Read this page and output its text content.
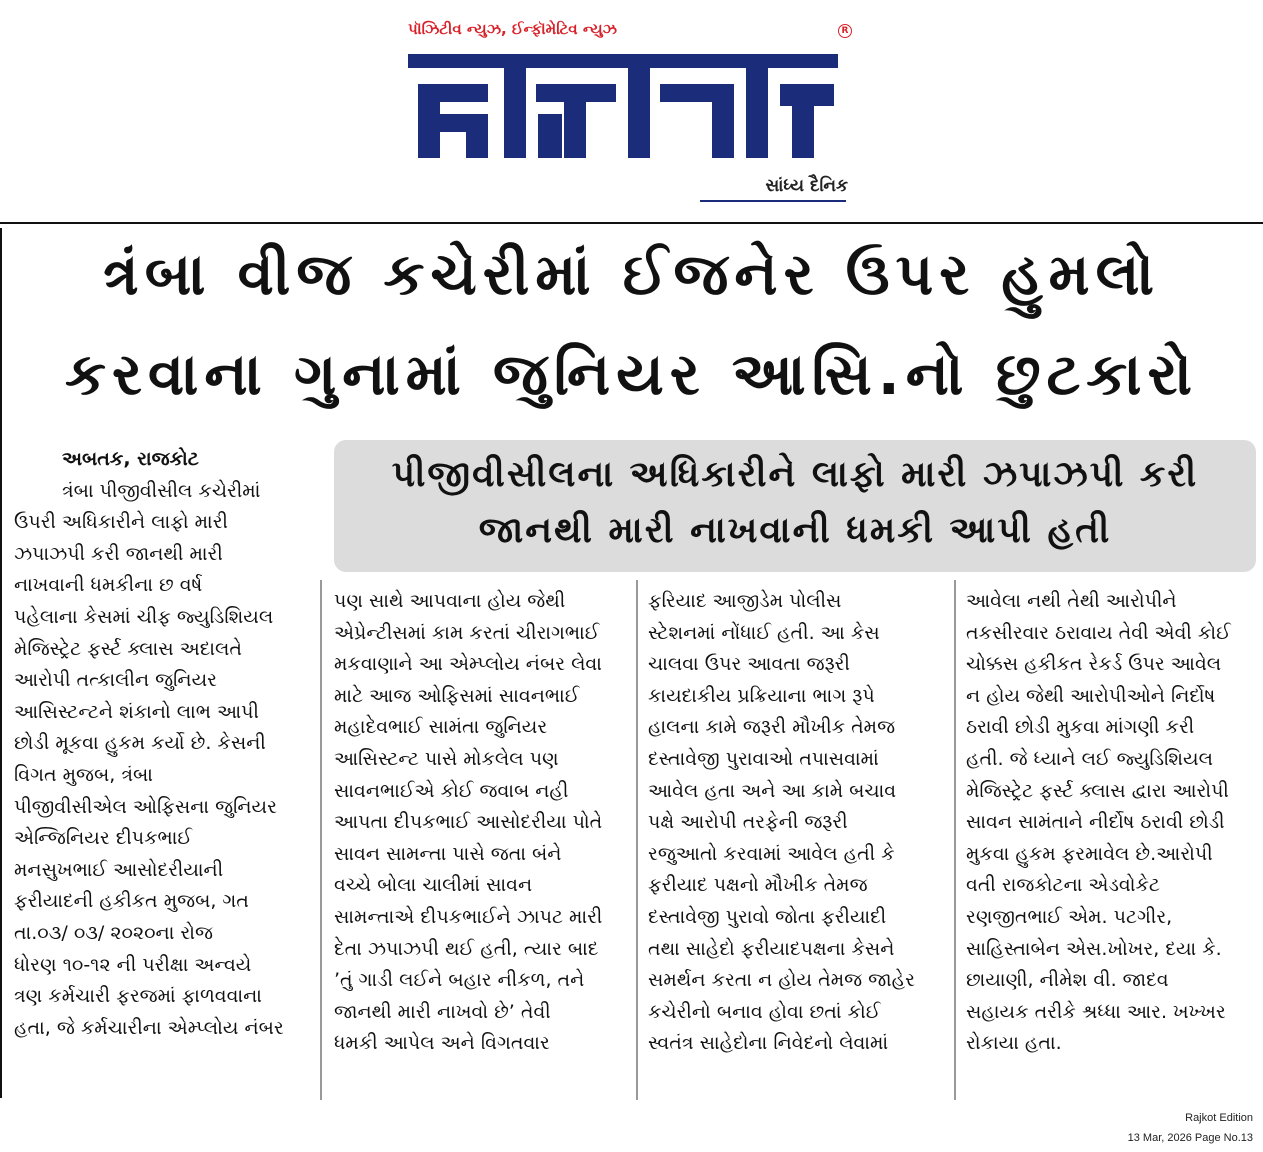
પૉઝિટીવ ન્યુઝ, ઈન્ફૉમેટિવ ન્યુઝ	R
સાંધ્ય દૈનિક
ત્રંબા વીજ કચેરીમાં ઈજનેર ઉપર હુમલો
કરવાના ગુનામાં જુનિયર આસિ.નો છુટકારો
પીજીવીસીલના અધિકારીને લાફો મારી ઝપાઝપી કરી
જાનથી મારી નાખવાની ધમકી આપી હતી
અબતક, રાજકોટ
ત્રંબા પીજીવીસીલ કચેરીમાં
ઉપરી અધિકારીને લાફો મારી
ઝપાઝપી કરી જાનથી મારી
નાખવાની ધમકીના છ વર્ષ
પહેલાના કેસમાં ચીફ જ્યુડિશિયલ
મેજિસ્ટ્રેટ ફર્સ્ટ ક્લાસ અદાલતે
આરોપી તત્કાલીન જુનિયર
આસિસ્ટન્ટને શંકાનો લાભ આપી
છોડી મૂકવા હુકમ કર્યો છે. કેસની
વિગત મુજબ, ત્રંબા
પીજીવીસીએલ ઓફિસના જુનિયર
એન્જિનિયર દીપકભાઈ
મનસુખભાઈ આસોદરીયાની
ફરીયાદની હકીકત મુજબ, ગત
તા.૦૩/ ૦૩/ ૨૦૨૦ના રોજ
ધોરણ ૧૦-૧૨ ની પરીક્ષા અન્વયે
ત્રણ કર્મચારી ફરજમાં ફાળવવાના
હતા, જે કર્મચારીના એમ્પ્લોય નંબર
પણ સાથે આપવાના હોય જેથી
એપ્રેન્ટીસમાં કામ કરતાં ચીરાગભાઈ
મકવાણાને આ એમ્પ્લોય નંબર લેવા
માટે આજ ઓફિસમાં સાવનભાઈ
મહાદેવભાઈ સામંતા જુનિયર
આસિસ્ટન્ટ પાસે મોકલેલ પણ
સાવનભાઈએ કોઈ જવાબ નહી
આપતા દીપકભાઈ આસોદરીયા પોતે
સાવન સામન્તા પાસે જતા બંને
વચ્ચે બોલા ચાલીમાં સાવન
સામન્તાએ દીપકભાઈને ઝાપટ મારી
દેતા ઝપાઝપી થઈ હતી, ત્યાર બાદ
’તું ગાડી લઈને બહાર નીકળ, તને
જાનથી મારી નાખવો છે’ તેવી
ધમકી આપેલ અને વિગતવાર
ફરિયાદ આજીડેમ પોલીસ
સ્ટેશનમાં નોંધાઈ હતી. આ કેસ
ચાલવા ઉપર આવતા જરૂરી
કાયદાકીય પ્રક્રિયાના ભાગ રૂપે
હાલના કામે જરૂરી મૌખીક તેમજ
દસ્તાવેજી પુરાવાઓ તપાસવામાં
આવેલ હતા અને આ કામે બચાવ
પક્ષે આરોપી તરફેની જરૂરી
રજુઆતો કરવામાં આવેલ હતી કે
ફરીયાદ પક્ષનો મૌખીક તેમજ
દસ્તાવેજી પુરાવો જોતા ફરીયાદી
તથા સાહેદો ફરીયાદપક્ષના કેસને
સમર્થન કરતા ન હોય તેમજ જાહેર
કચેરીનો બનાવ હોવા છતાં કોઈ
સ્વતંત્ર સાહેદોના નિવેદનો લેવામાં
આવેલા નથી તેથી આરોપીને
તકસીરવાર ઠરાવાય તેવી એવી કોઈ
ચોક્કસ હકીકત રેકર્ડ ઉપર આવેલ
ન હોય જેથી આરોપીઓને નિર્દોષ
ઠરાવી છોડી મુકવા માંગણી કરી
હતી. જે ધ્યાને લઈ જ્યુડિશિયલ
મેજિસ્ટ્રેટ ફર્સ્ટ ક્લાસ દ્વારા આરોપી
સાવન સામંતાને નીર્દોષ ઠરાવી છોડી
મુકવા હુકમ ફરમાવેલ છે.આરોપી
વતી રાજકોટના એડવોકેટ
રણજીતભાઈ એમ. પટગીર,
સાહિસ્તાબેન એસ.ખોખર, દયા કે.
છાયાણી, નીમેશ વી. જાદવ
સહાયક તરીકે શ્રધ્ધા આર. ખખ્ખર
રોકાયા હતા.
Rajkot Edition
13 Mar, 2026 Page No.13
